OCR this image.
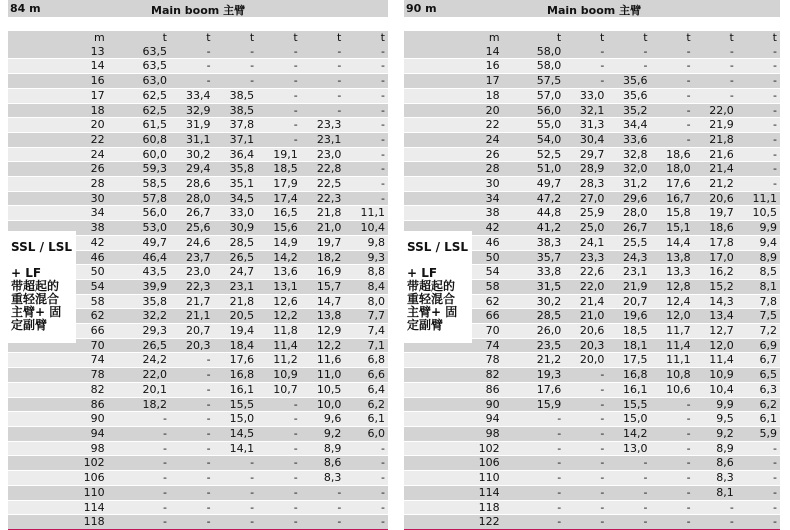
84 m	Main boom 主臂
m	t	t	t	t	t	t
13	63,5	-	-	-	-	-
14	63,5	-	-	-	-	-
16	63,0	-	-	-	-	-
17	62,5	33,4	38,5	-	-	-
18	62,5	32,9	38,5	-	-	-
20	61,5	31,9	37,8	-	23,3	-
22	60,8	31,1	37,1	-	23,1	-
24	60,0	30,2	36,4	19,1	23,0	-
26	59,3	29,4	35,8	18,5	22,8	-
28	58,5	28,6	35,1	17,9	22,5	-
30	57,8	28,0	34,5	17,4	22,3	-
34	56,0	26,7	33,0	16,5	21,8	11,1
38	53,0	25,6	30,9	15,6	21,0	10,4
42	49,7	24,6	28,5	14,9	19,7	9,8
46	46,4	23,7	26,5	14,2	18,2	9,3
50	43,5	23,0	24,7	13,6	16,9	8,8
54	39,9	22,3	23,1	13,1	15,7	8,4
58	35,8	21,7	21,8	12,6	14,7	8,0
62	32,2	21,1	20,5	12,2	13,8	7,7
66	29,3	20,7	19,4	11,8	12,9	7,4
70	26,5	20,3	18,4	11,4	12,2	7,1
74	24,2	-	17,6	11,2	11,6	6,8
78	22,0	-	16,8	10,9	11,0	6,6
82	20,1	-	16,1	10,7	10,5	6,4
86	18,2	-	15,5	-	10,0	6,2
90	-	-	15,0	-	9,6	6,1
94	-	-	14,5	-	9,2	6,0
98	-	-	14,1	-	8,9	-
102	-	-	-	-	8,6	-
106	-	-	-	-	8,3	-
110	-	-	-	-	-	-
114	-	-	-	-	-	-
118	-	-	-	-	-	-
SSL / LSL

+ LF
带超起的
重轻混合
主臂+ 固
定副臂
90 m	Main boom 主臂
m	t	t	t	t	t	t
14	58,0	-	-	-	-	-
16	58,0	-	-	-	-	-
17	57,5	-	35,6	-	-	-
18	57,0	33,0	35,6	-	-	-
20	56,0	32,1	35,2	-	22,0	-
22	55,0	31,3	34,4	-	21,9	-
24	54,0	30,4	33,6	-	21,8	-
26	52,5	29,7	32,8	18,6	21,6	-
28	51,0	28,9	32,0	18,0	21,4	-
30	49,7	28,3	31,2	17,6	21,2	-
34	47,2	27,0	29,6	16,7	20,6	11,1
38	44,8	25,9	28,0	15,8	19,7	10,5
42	41,2	25,0	26,7	15,1	18,6	9,9
46	38,3	24,1	25,5	14,4	17,8	9,4
50	35,7	23,3	24,3	13,8	17,0	8,9
54	33,8	22,6	23,1	13,3	16,2	8,5
58	31,5	22,0	21,9	12,8	15,2	8,1
62	30,2	21,4	20,7	12,4	14,3	7,8
66	28,5	21,0	19,6	12,0	13,4	7,5
70	26,0	20,6	18,5	11,7	12,7	7,2
74	23,5	20,3	18,1	11,4	12,0	6,9
78	21,2	20,0	17,5	11,1	11,4	6,7
82	19,3	-	16,8	10,8	10,9	6,5
86	17,6	-	16,1	10,6	10,4	6,3
90	15,9	-	15,5	-	9,9	6,2
94	-	-	15,0	-	9,5	6,1
98	-	-	14,2	-	9,2	5,9
102	-	-	13,0	-	8,9	-
106	-	-	-	-	8,6	-
110	-	-	-	-	8,3	-
114	-	-	-	-	8,1	-
118	-	-	-	-	-	-
122	-	-	-	-	-	-
SSL / LSL

+ LF
带超起的
重轻混合
主臂+ 固
定副臂
